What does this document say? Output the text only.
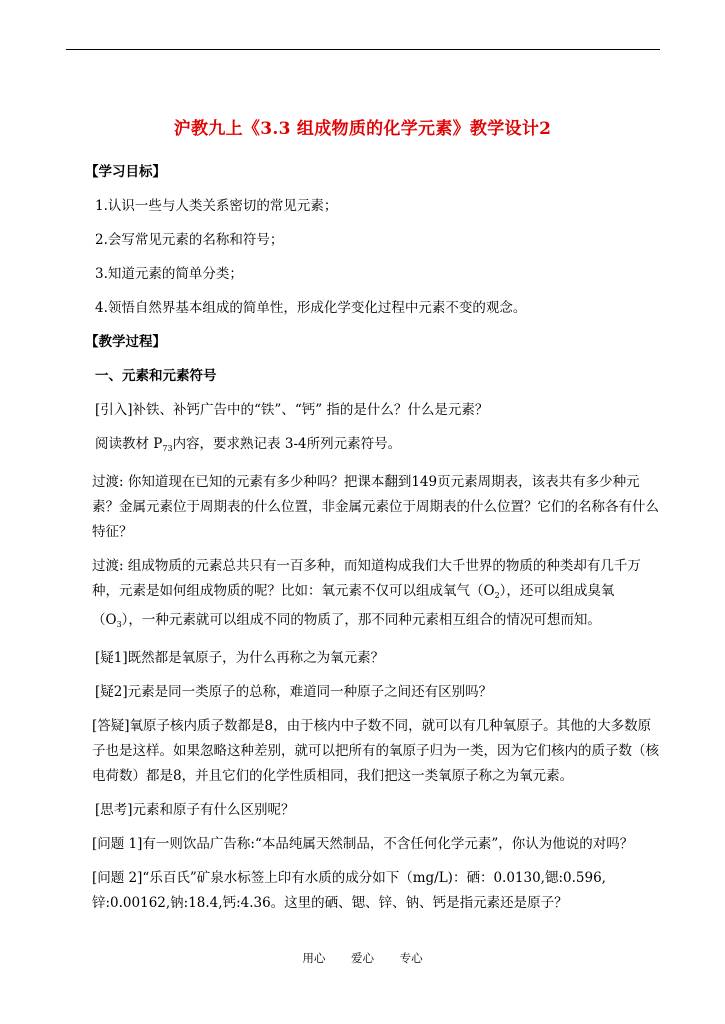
沪教九上《3.3 组成物质的化学元素》教学设计2

【学习目标】

1.认识一些与人类关系密切的常见元素；

2.会写常见元素的名称和符号；

3.知道元素的简单分类；

4.领悟自然界基本组成的简单性，形成化学变化过程中元素不变的观念。

【教学过程】

一、元素和元素符号

[引入]补铁、补钙广告中的“铁”、“钙” 指的是什么？什么是元素？

阅读教材 $P_{73}$内容，要求熟记表 3-4所列元素符号。

过渡: 你知道现在已知的元素有多少种吗？把课本翻到149页元素周期表，该表共有多少种元素？金属元素位于周期表的什么位置，非金属元素位于周期表的什么位置？它们的名称各有什么特征？

过渡: 组成物质的元素总共只有一百多种，而知道构成我们大千世界的物质的种类却有几千万种，元素是如何组成物质的呢？比如：氧元素不仅可以组成氧气$(O_2)$，还可以组成臭氧$(O_3)$，一种元素就可以组成不同的物质了，那不同种元素相互组合的情况可想而知。

[疑1]既然都是氧原子，为什么再称之为氧元素？

[疑2]元素是同一类原子的总称，难道同一种原子之间还有区别吗？

[答疑]氧原子核内质子数都是8，由于核内中子数不同，就可以有几种氧原子。其他的大多数原子也是这样。如果忽略这种差别，就可以把所有的氧原子归为一类，因为它们核内的质子数（核电荷数）都是8，并且它们的化学性质相同，我们把这一类氧原子称之为氧元素。

[思考]元素和原子有什么区别呢？

[问题 1]有一则饮品广告称:“本品纯属天然制品，不含任何化学元素”，你认为他说的对吗？

[问题 2]“乐百氏”矿泉水标签上印有水质的成分如下（mg/L)：硒：0.0130,锶:0.596,锌:0.00162,钠:18.4,钙:4.36。这里的硒、锶、锌、钠、钙是指元素还是原子？

用心 爱心 专心
